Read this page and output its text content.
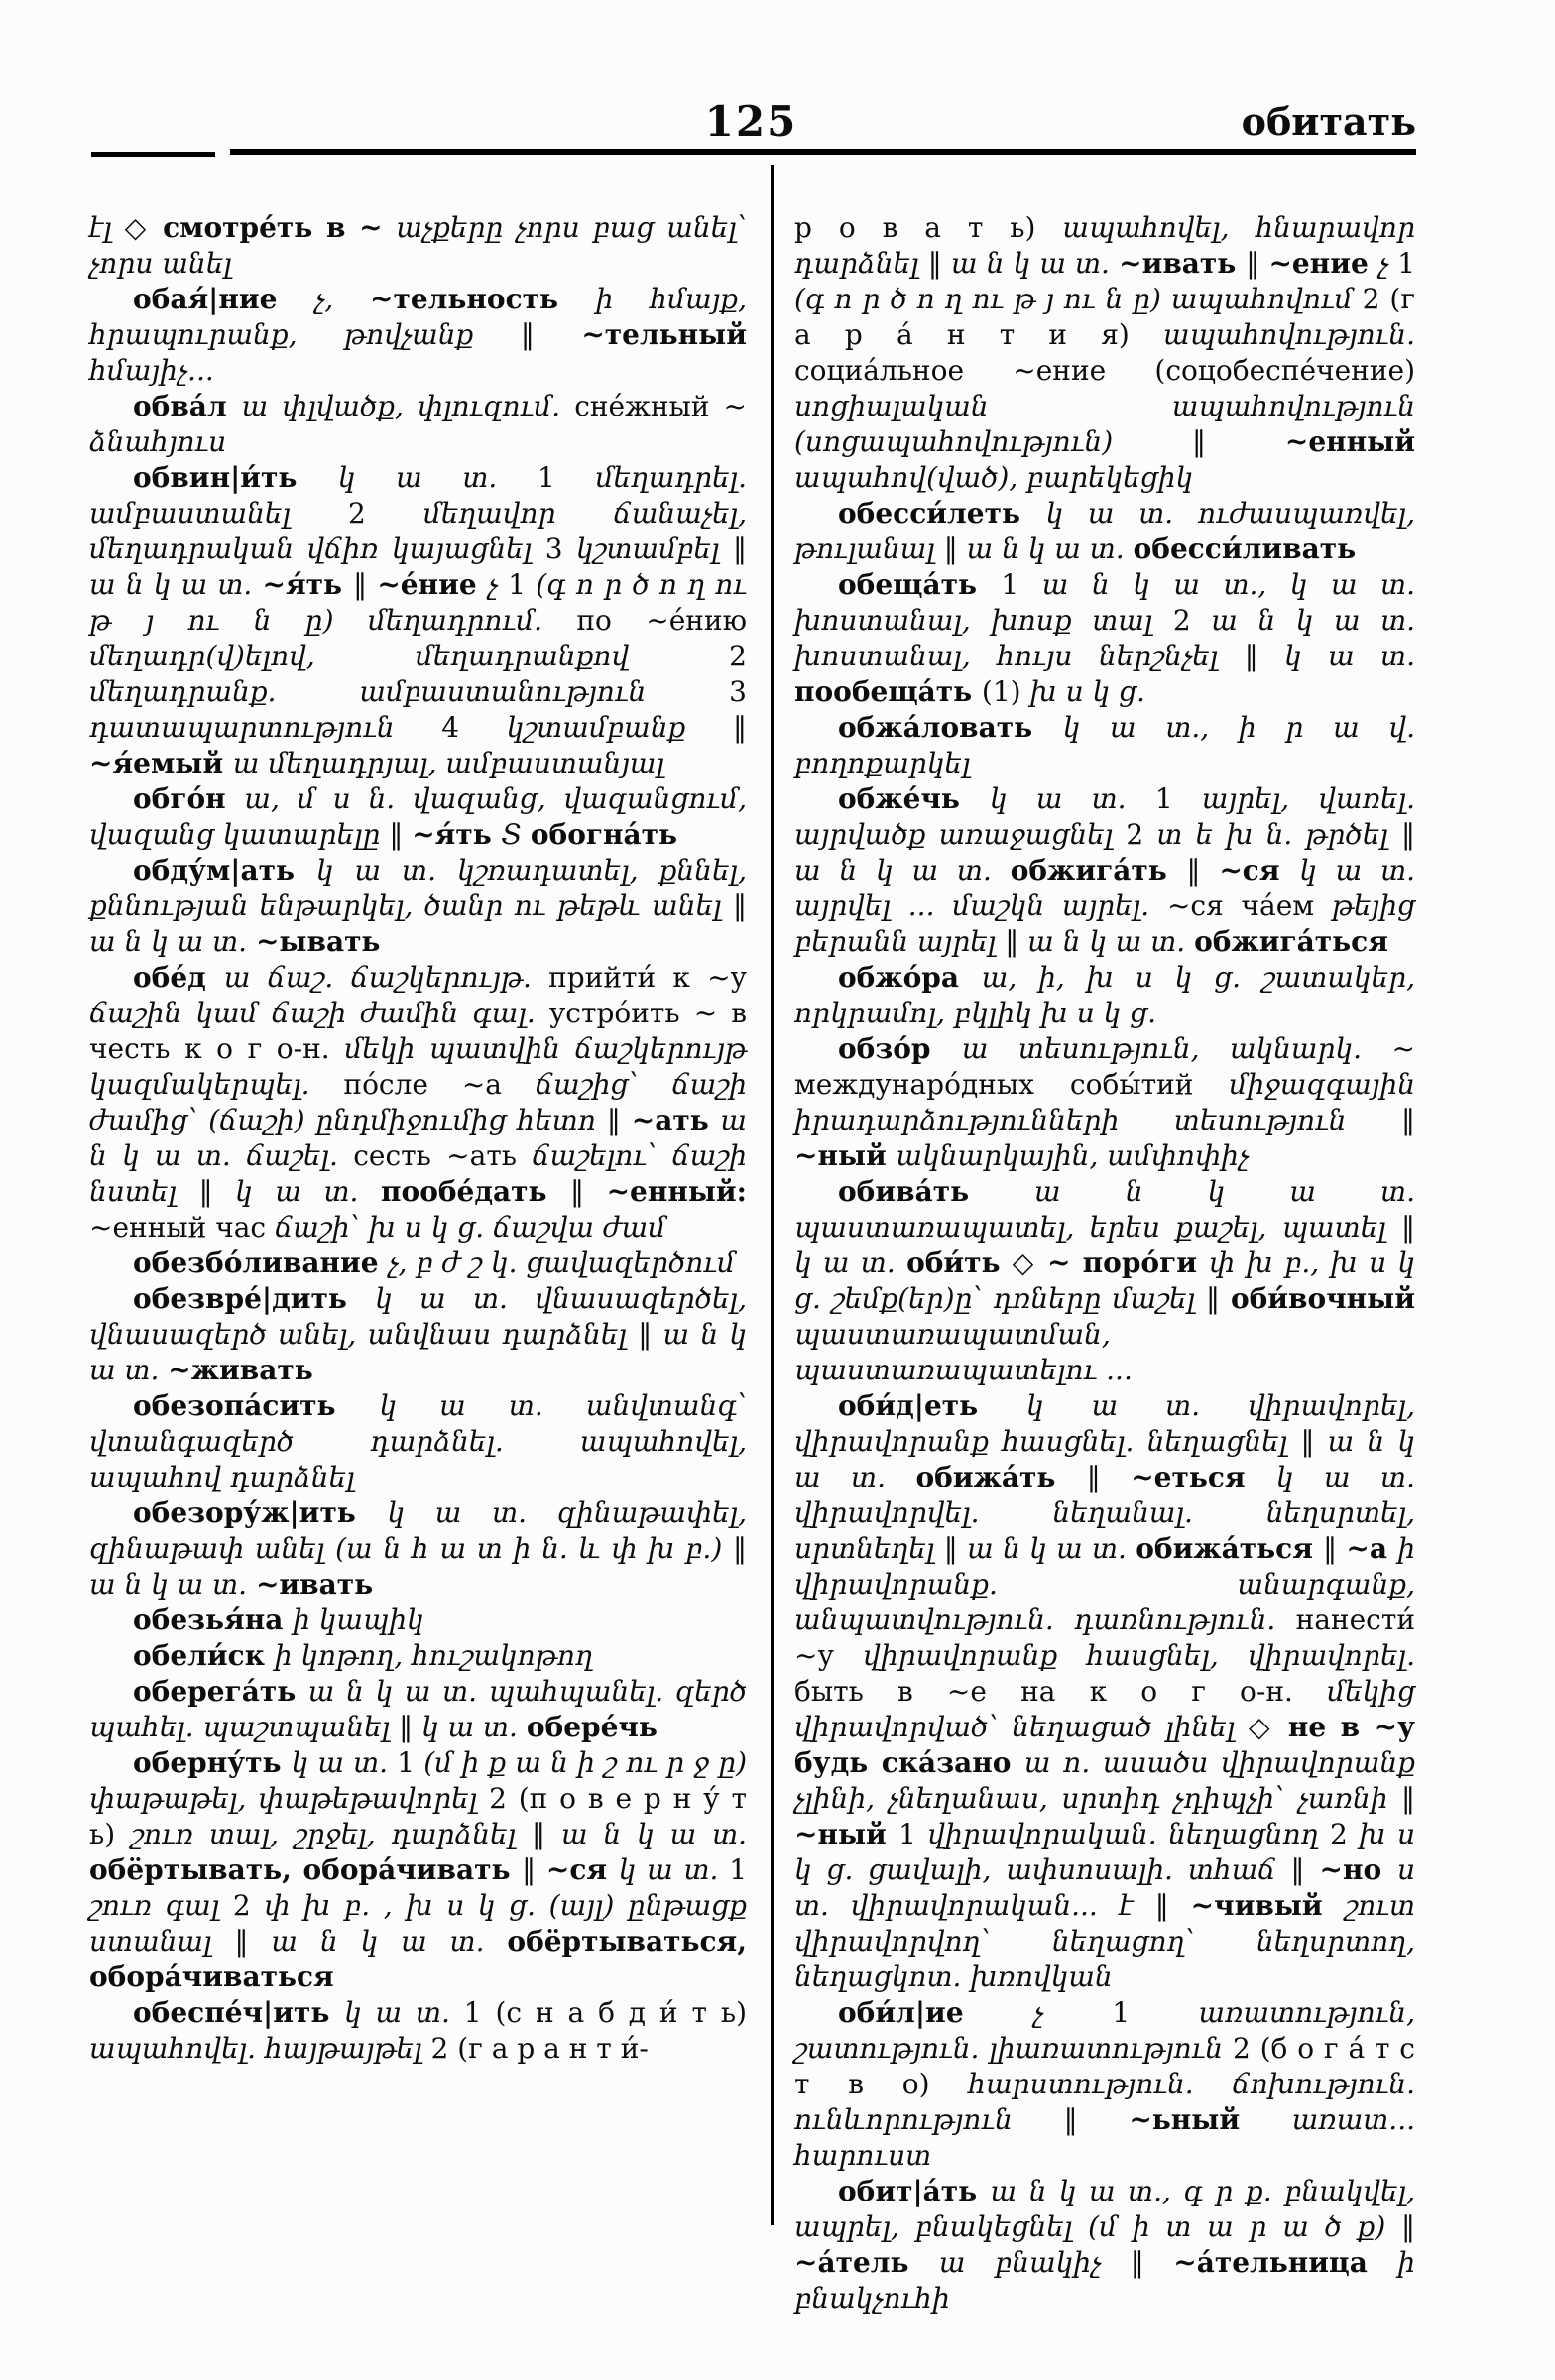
125	обитать

էլ ◇ смотре́ть в ~ աչքերը չորս բաց անել՝ չորս անել

обая́|ние չ, ~тельность ի հմայք, հրապուրանք, թովչանք ‖ ~тельный հմայիչ...

обва́л ա փլվածք, փլուզում. сне́жный ~ ձնահյուս

обвин|и́ть կ ա տ. 1 մեղադրել. ամբաստանել 2 մեղավոր ճանաչել, մեղադրական վճիռ կայացնել 3 կշտամբել ‖ ա ն կ ա տ. ~я́ть ‖ ~е́ние չ 1 (գ ո ր ծ ո ղ ու թ յ ու ն ը) մեղադրում. по ~е́нию մեղադր(վ)ելով, մեղադրանքով 2 մեղադրանք. ամբաստանություն 3 դատապարտություն 4 կշտամբանք ‖ ~я́емый ա մեղադրյալ, ամբաստանյալ

обго́н ա, մ ս ն. վազանց, վազանցում, վազանց կատարելը ‖ ~я́ть Տ обогна́ть

обду́м|ать կ ա տ. կշռադատել, քննել, քննության ենթարկել, ծանր ու թեթև անել ‖ ա ն կ ա տ. ~ывать

обе́д ա ճաշ. ճաշկերույթ. прийти́ к ~у ճաշին կամ ճաշի ժամին գալ. устро́ить ~ в честь к о г о-н. մեկի պատվին ճաշկերույթ կազմակերպել. по́сле ~а ճաշից՝ ճաշի ժամից՝ (ճաշի) ընդմիջումից հետո ‖ ~ать ա ն կ ա տ. ճաշել. сесть ~ать ճաշելու՝ ճաշի նստել ‖ կ ա տ. пообе́дать ‖ ~енный: ~енный час ճաշի՝ խ ս կ ց. ճաշվա ժամ

обезбо́ливание չ, բ ժ շ կ. ցավազերծում

обезвре́|дить կ ա տ. վնասազերծել, վնասազերծ անել, անվնաս դարձնել ‖ ա ն կ ա տ. ~живать

обезопа́сить կ ա տ. անվտանգ՝ վտանգազերծ դարձնել. ապահովել, ապահով դարձնել

обезору́ж|ить կ ա տ. զինաթափել, զինաթափ անել (ա ն հ ա տ ի ն. և փ խ բ.) ‖ ա ն կ ա տ. ~ивать

обезья́на ի կապիկ

обели́ск ի կոթող, հուշակոթող

оберега́ть ա ն կ ա տ. պահպանել. զերծ պահել. պաշտպանել ‖ կ ա տ. обере́чь

оберну́ть կ ա տ. 1 (մ ի ք ա ն ի շ ու ր ջ ը) փաթաթել, փաթեթավորել 2 (п о в е р н у́ т ь) շուռ տալ, շրջել, դարձնել ‖ ա ն կ ա տ. обёртывать, обора́чивать ‖ ~ся կ ա տ. 1 շուռ գալ 2 փ խ բ. , խ ս կ ց. (այլ) ընթացք ստանալ ‖ ա ն կ ա տ. обёртываться, обора́чиваться

обеспе́ч|ить կ ա տ. 1 (с н а б д и́ т ь) ապահովել. հայթայթել 2 (г а р а н т и́-

р о в а т ь) ապահովել, հնարավոր դարձնել ‖ ա ն կ ա տ. ~ивать ‖ ~ение չ 1 (գ ո ր ծ ո ղ ու թ յ ու ն ը) ապահովում 2 (г а р а́ н т и я) ապահովություն. социа́льное ~ение (соцобеспе́чение) սոցիալական ապահովություն (սոցապահովություն) ‖ ~енный ապահով(ված), բարեկեցիկ

обесси́леть կ ա տ. ուժասպառվել, թուլանալ ‖ ա ն կ ա տ. обесси́ливать

обеща́ть 1 ա ն կ ա տ., կ ա տ. խոստանալ, խոսք տալ 2 ա ն կ ա տ. խոստանալ, հույս ներշնչել ‖ կ ա տ. пообеща́ть (1) խ ս կ ց.

обжа́ловать կ ա տ., ի ր ա վ. բողոքարկել

обже́чь կ ա տ. 1 այրել, վառել. այրվածք առաջացնել 2 տ ե խ ն. թրծել ‖ ա ն կ ա տ. обжига́ть ‖ ~ся կ ա տ. այրվել ... մաշկն այրել. ~ся ча́ем թեյից բերանն այրել ‖ ա ն կ ա տ. обжига́ться

обжо́ра ա, ի, խ ս կ ց. շատակեր, որկրամոլ, բկլիկ խ ս կ ց.

обзо́р ա տեսություն, ակնարկ. ~ междунаро́дных собы́тий միջազգային իրադարձությունների տեսություն ‖ ~ный ակնարկային, ամփոփիչ

обива́ть ա ն կ ա տ. պաստառապատել, երես քաշել, պատել ‖ կ ա տ. оби́ть ◇ ~ поро́ги փ խ բ., խ ս կ ց. շեմք(եր)ը՝ դռները մաշել ‖ оби́вочный պաստառապատման, պաստառապատելու ...

оби́д|еть կ ա տ. վիրավորել, վիրավորանք հասցնել. նեղացնել ‖ ա ն կ ա տ. обижа́ть ‖ ~еться կ ա տ. վիրավորվել. նեղանալ. նեղսրտել, սրտնեղել ‖ ա ն կ ա տ. обижа́ться ‖ ~а ի վիրավորանք. անարգանք, անպատվություն. դառնություն. нанести́ ~у վիրավորանք հասցնել, վիրավորել. быть в ~е на к о г о-н. մեկից վիրավորված՝ նեղացած լինել ◇ не в ~у будь ска́зано ա ո. ասածս վիրավորանք չլինի, չնեղանաս, սրտիդ չդիպչի՝ չառնի ‖ ~ный 1 վիրավորական. նեղացնող 2 խ ս կ ց. ցավալի, ափսոսալի. տհաճ ‖ ~но ս տ. վիրավորական... է ‖ ~чивый շուտ վիրավորվող՝ նեղացող՝ նեղսրտող, նեղացկոտ. խռովկան

оби́л|ие չ 1 առատություն, շատություն. լիառատություն 2 (б о г а́ т с т в о) հարստություն. ճոխություն. ունևորություն ‖ ~ьный առատ... հարուստ

обит|а́ть ա ն կ ա տ., գ ր ք. բնակվել, ապրել, բնակեցնել (մ ի տ ա ր ա ծ ք) ‖ ~а́тель ա բնակիչ ‖ ~а́тельница ի բնակչուհի
